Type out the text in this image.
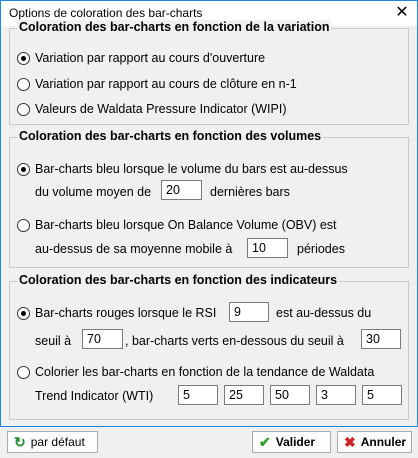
Options de coloration des bar-charts	✕
Coloration des bar-charts en fonction de la variation
Variation par rapport au cours d'ouverture
Variation par rapport au cours de clôture en n-1
Valeurs de Waldata Pressure Indicator (WIPI)
Coloration des bar-charts en fonction des volumes
Bar-charts bleu lorsque le volume du bars est au-dessus
du volume moyen de	20	dernières bars
Bar-charts bleu lorsque On Balance Volume (OBV) est
au-dessus de sa moyenne mobile à	10	périodes
Coloration des bar-charts en fonction des indicateurs
Bar-charts rouges lorsque le RSI	9	est au-dessus du
seuil à	70	, bar-charts verts en-dessous du seuil à	30
Colorier les bar-charts en fonction de la tendance de Waldata
Trend Indicator (WTI)	5	25	50	3	5
↻ par défaut	✔ Valider ✖ Annuler
